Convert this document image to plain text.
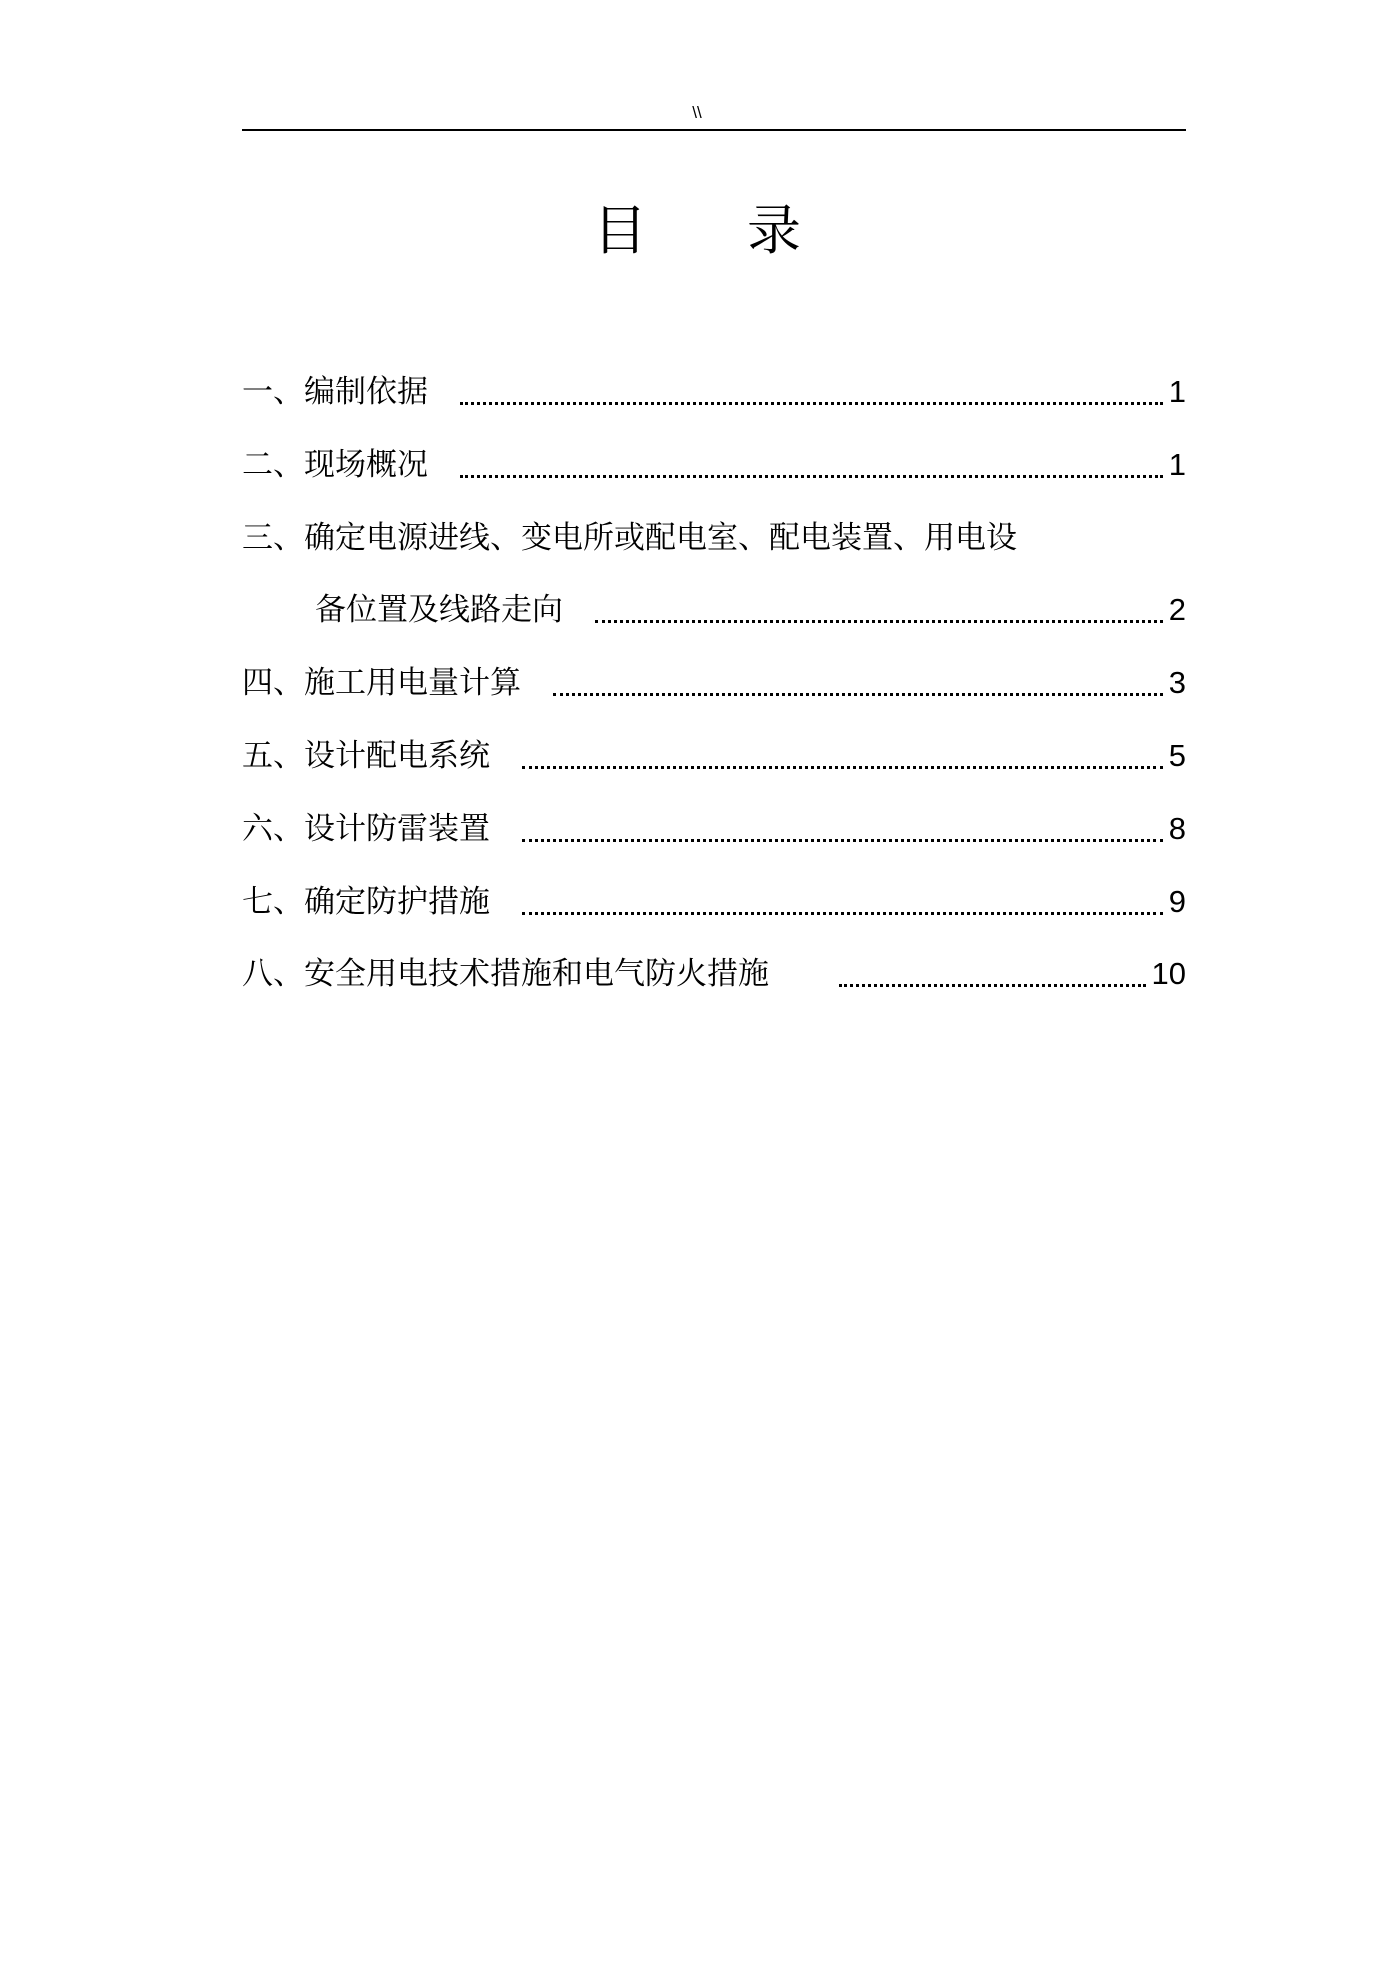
\\
目 录
一、编制依据	1
二、现场概况	1
三、确定电源进线、变电所或配电室、配电装置、用电设
备位置及线路走向	2
四、施工用电量计算	3
五、设计配电系统	5
六、设计防雷装置	8
七、确定防护措施	9
八、安全用电技术措施和电气防火措施	10
